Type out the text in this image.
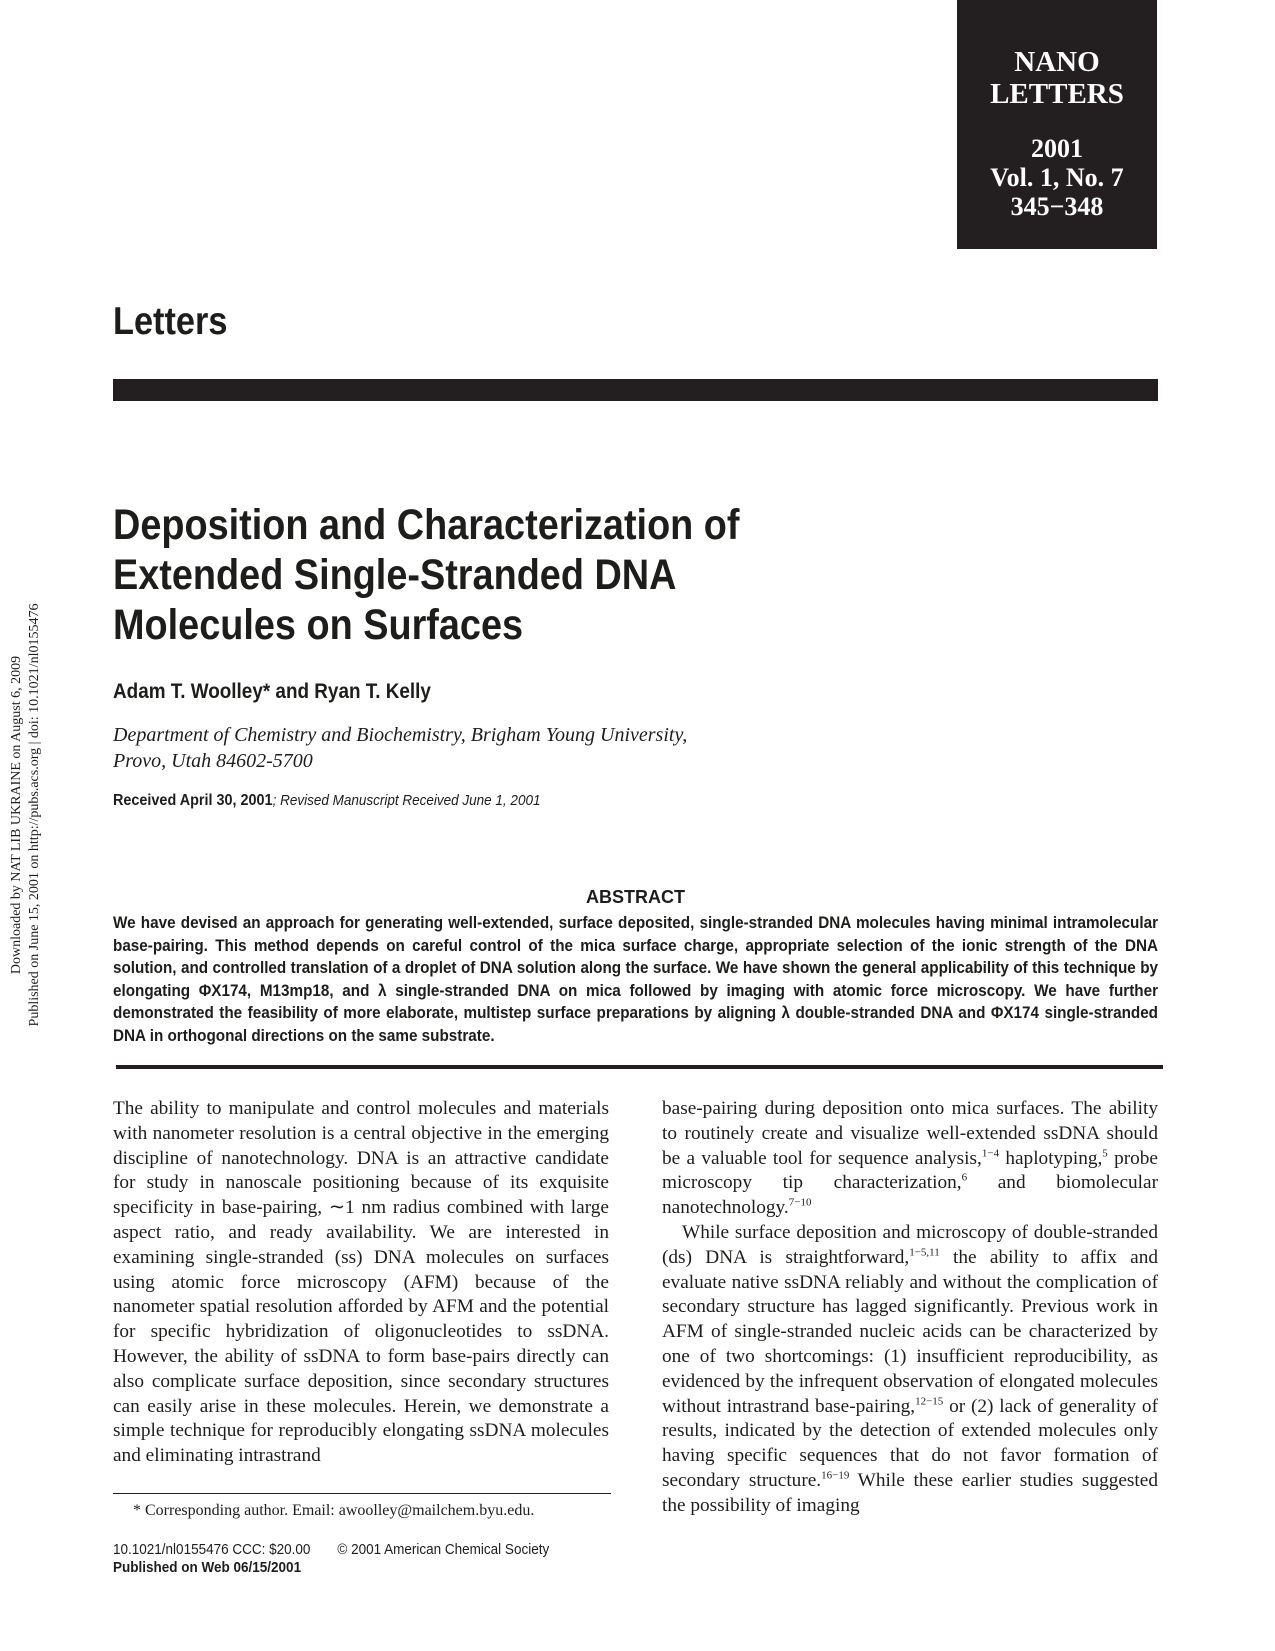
NANO
LETTERS
2001
Vol. 1, No. 7
345−348
Letters
Deposition and Characterization of Extended Single-Stranded DNA Molecules on Surfaces
Adam T. Woolley* and Ryan T. Kelly
Department of Chemistry and Biochemistry, Brigham Young University,
Provo, Utah 84602-5700
Received April 30, 2001; Revised Manuscript Received June 1, 2001
ABSTRACT
We have devised an approach for generating well-extended, surface deposited, single-stranded DNA molecules having minimal intramolecular base-pairing. This method depends on careful control of the mica surface charge, appropriate selection of the ionic strength of the DNA solution, and controlled translation of a droplet of DNA solution along the surface. We have shown the general applicability of this technique by elongating ΦX174, M13mp18, and λ single-stranded DNA on mica followed by imaging with atomic force microscopy. We have further demonstrated the feasibility of more elaborate, multistep surface preparations by aligning λ double-stranded DNA and ΦX174 single-stranded DNA in orthogonal directions on the same substrate.

The ability to manipulate and control molecules and materials with nanometer resolution is a central objective in the emerging discipline of nanotechnology. DNA is an attractive candidate for study in nanoscale positioning because of its exquisite specificity in base-pairing, ∼1 nm radius combined with large aspect ratio, and ready availability. We are interested in examining single-stranded (ss) DNA molecules on surfaces using atomic force microscopy (AFM) because of the nanometer spatial resolution afforded by AFM and the potential for specific hybridization of oligonucleotides to ssDNA. However, the ability of ssDNA to form base-pairs directly can also complicate surface deposition, since secondary structures can easily arise in these molecules. Herein, we demonstrate a simple technique for reproducibly elongating ssDNA molecules and eliminating intrastrand

base-pairing during deposition onto mica surfaces. The ability to routinely create and visualize well-extended ssDNA should be a valuable tool for sequence analysis,$^{1-4}$ haplotyping,$^5$ probe microscopy tip characterization,$^6$ and biomolecular nanotechnology.$^{7-10}$

While surface deposition and microscopy of double-stranded (ds) DNA is straightforward,$^{1-5,11}$ the ability to affix and evaluate native ssDNA reliably and without the complication of secondary structure has lagged significantly. Previous work in AFM of single-stranded nucleic acids can be characterized by one of two shortcomings: (1) insufficient reproducibility, as evidenced by the infrequent observation of elongated molecules without intrastrand base-pairing,$^{12-15}$ or (2) lack of generality of results, indicated by the detection of extended molecules only having specific sequences that do not favor formation of secondary structure.$^{16-19}$ While these earlier studies suggested the possibility of imaging

* Corresponding author. Email: awoolley@mailchem.byu.edu.
10.1021/nl0155476 CCC: $20.00 © 2001 American Chemical Society
Published on Web 06/15/2001
Downloaded by NAT LIB UKRAINE on August 6, 2009 Published on June 15, 2001 on http://pubs.acs.org | doi: 10.1021/nl0155476
